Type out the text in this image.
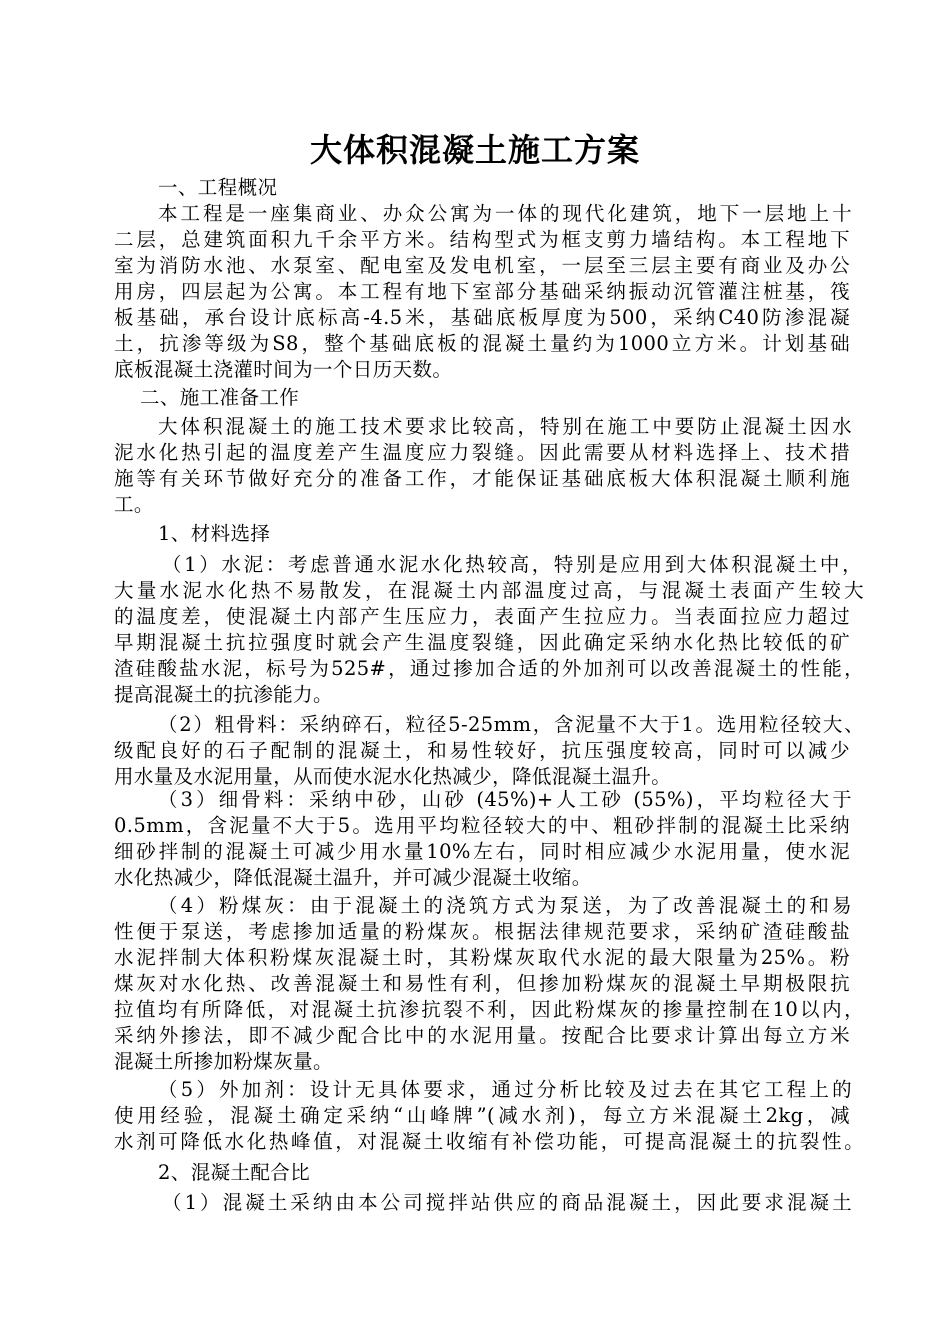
大体积混凝土施工方案
一、工程概况
本工程是一座集商业、办众公寓为一体的现代化建筑，地下一层地上十
二层，总建筑面积九千余平方米。结构型式为框支剪力墙结构。本工程地下
室为消防水池、水泵室、配电室及发电机室，一层至三层主要有商业及办公
用房，四层起为公寓。本工程有地下室部分基础采纳振动沉管灌注桩基，筏
板基础，承台设计底标高-4.5米，基础底板厚度为500，采纳C40防渗混凝
土，抗渗等级为S8，整个基础底板的混凝土量约为1000立方米。计划基础
底板混凝土浇灌时间为一个日历天数。
二、施工准备工作
大体积混凝土的施工技术要求比较高，特别在施工中要防止混凝土因水
泥水化热引起的温度差产生温度应力裂缝。因此需要从材料选择上、技术措
施等有关环节做好充分的准备工作，才能保证基础底板大体积混凝土顺利施
工。
1、材料选择
（1）水泥：考虑普通水泥水化热较高，特别是应用到大体积混凝土中，
大量水泥水化热不易散发，在混凝土内部温度过高，与混凝土表面产生较大
的温度差，使混凝土内部产生压应力，表面产生拉应力。当表面拉应力超过
早期混凝土抗拉强度时就会产生温度裂缝，因此确定采纳水化热比较低的矿
渣硅酸盐水泥，标号为525#，通过掺加合适的外加剂可以改善混凝土的性能，
提高混凝土的抗渗能力。
（2）粗骨料：采纳碎石，粒径5-25mm，含泥量不大于1。选用粒径较大、
级配良好的石子配制的混凝土，和易性较好，抗压强度较高，同时可以减少
用水量及水泥用量，从而使水泥水化热减少，降低混凝土温升。
（3）细骨料：采纳中砂，山砂 (45%)+人工砂 (55%)，平均粒径大于
0.5mm，含泥量不大于5。选用平均粒径较大的中、粗砂拌制的混凝土比采纳
细砂拌制的混凝土可减少用水量10%左右，同时相应减少水泥用量，使水泥
水化热减少，降低混凝土温升，并可减少混凝土收缩。
（4）粉煤灰：由于混凝土的浇筑方式为泵送，为了改善混凝土的和易
性便于泵送，考虑掺加适量的粉煤灰。根据法律规范要求，采纳矿渣硅酸盐
水泥拌制大体积粉煤灰混凝土时，其粉煤灰取代水泥的最大限量为25%。粉
煤灰对水化热、改善混凝土和易性有利，但掺加粉煤灰的混凝土早期极限抗
拉值均有所降低，对混凝土抗渗抗裂不利，因此粉煤灰的掺量控制在10以内，
采纳外掺法，即不减少配合比中的水泥用量。按配合比要求计算出每立方米
混凝土所掺加粉煤灰量。
（5）外加剂：设计无具体要求，通过分析比较及过去在其它工程上的
使用经验，混凝土确定采纳“山峰牌”(减水剂)，每立方米混凝土2kg，减
水剂可降低水化热峰值，对混凝土收缩有补偿功能，可提高混凝土的抗裂性。
2、混凝土配合比
（1）混凝土采纳由本公司搅拌站供应的商品混凝土，因此要求混凝土
